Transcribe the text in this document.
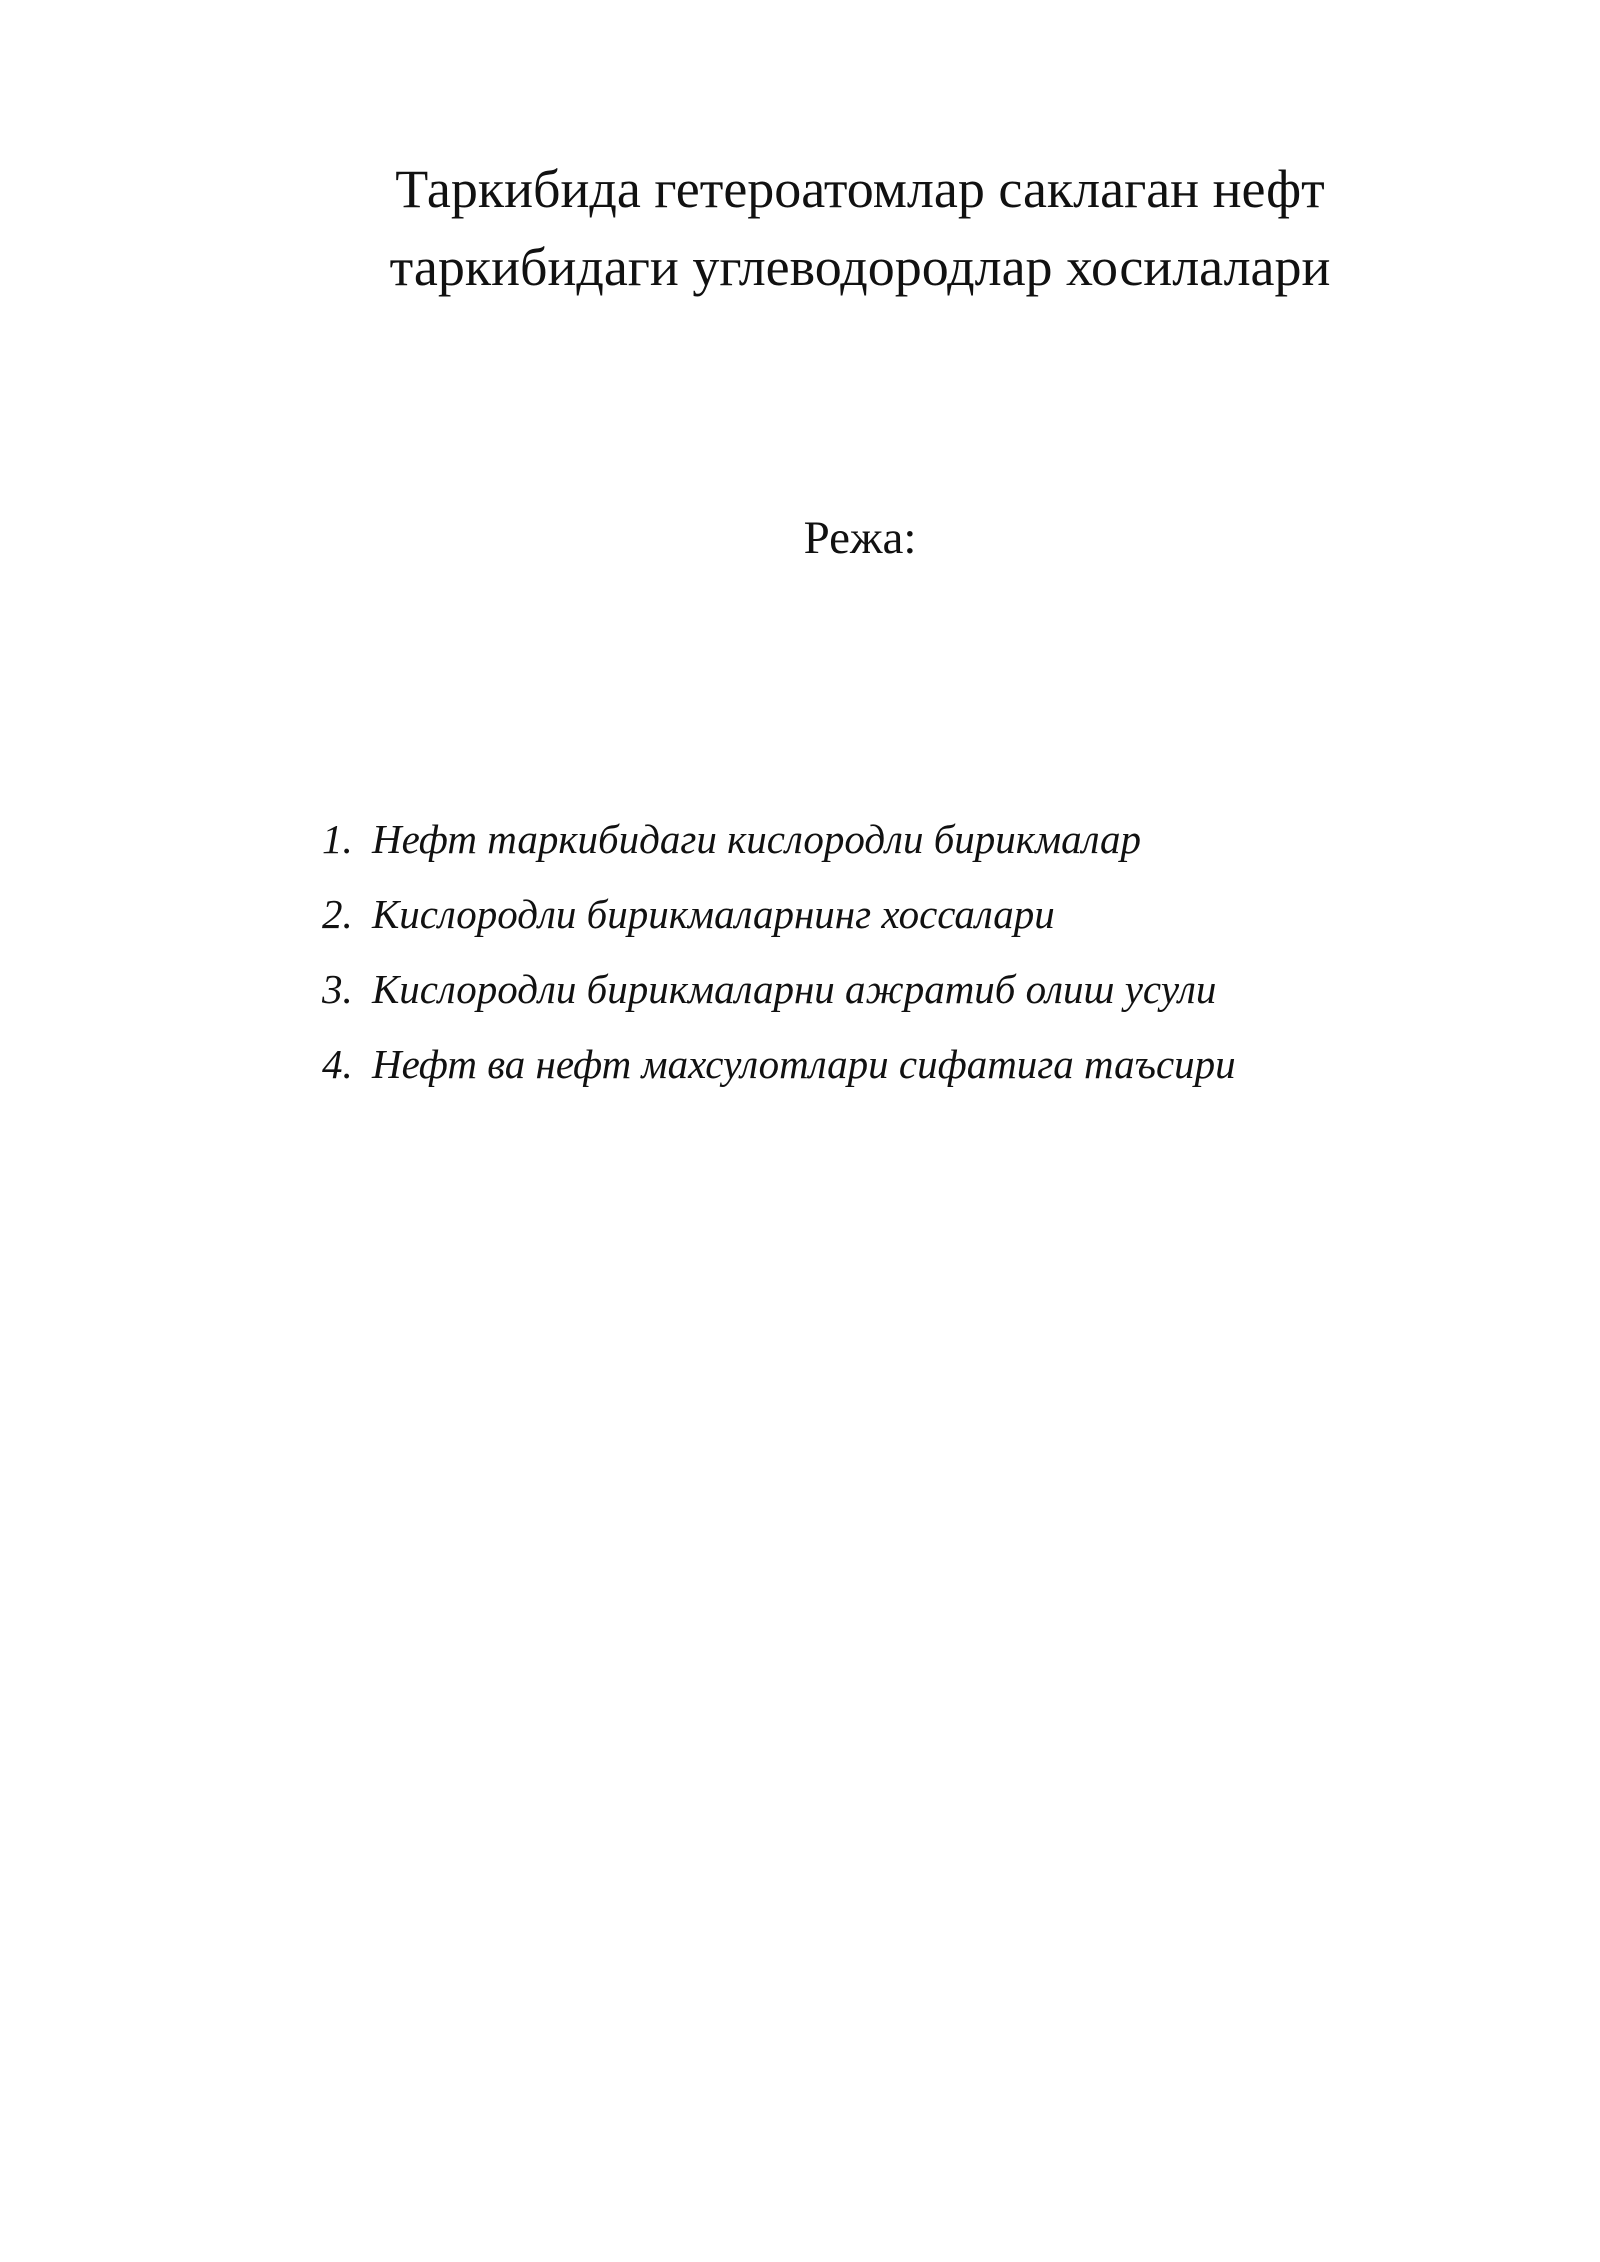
Таркибида гетероатомлар саклаган нефт
таркибидаги углеводородлар хосилалари
Режа:
1. Нефт таркибидаги кислородли бирикмалар
2. Кислородли бирикмаларнинг хоссалари
3. Кислородли бирикмаларни ажратиб олиш усули
4. Нефт ва нефт махсулотлари сифатига таъсири
